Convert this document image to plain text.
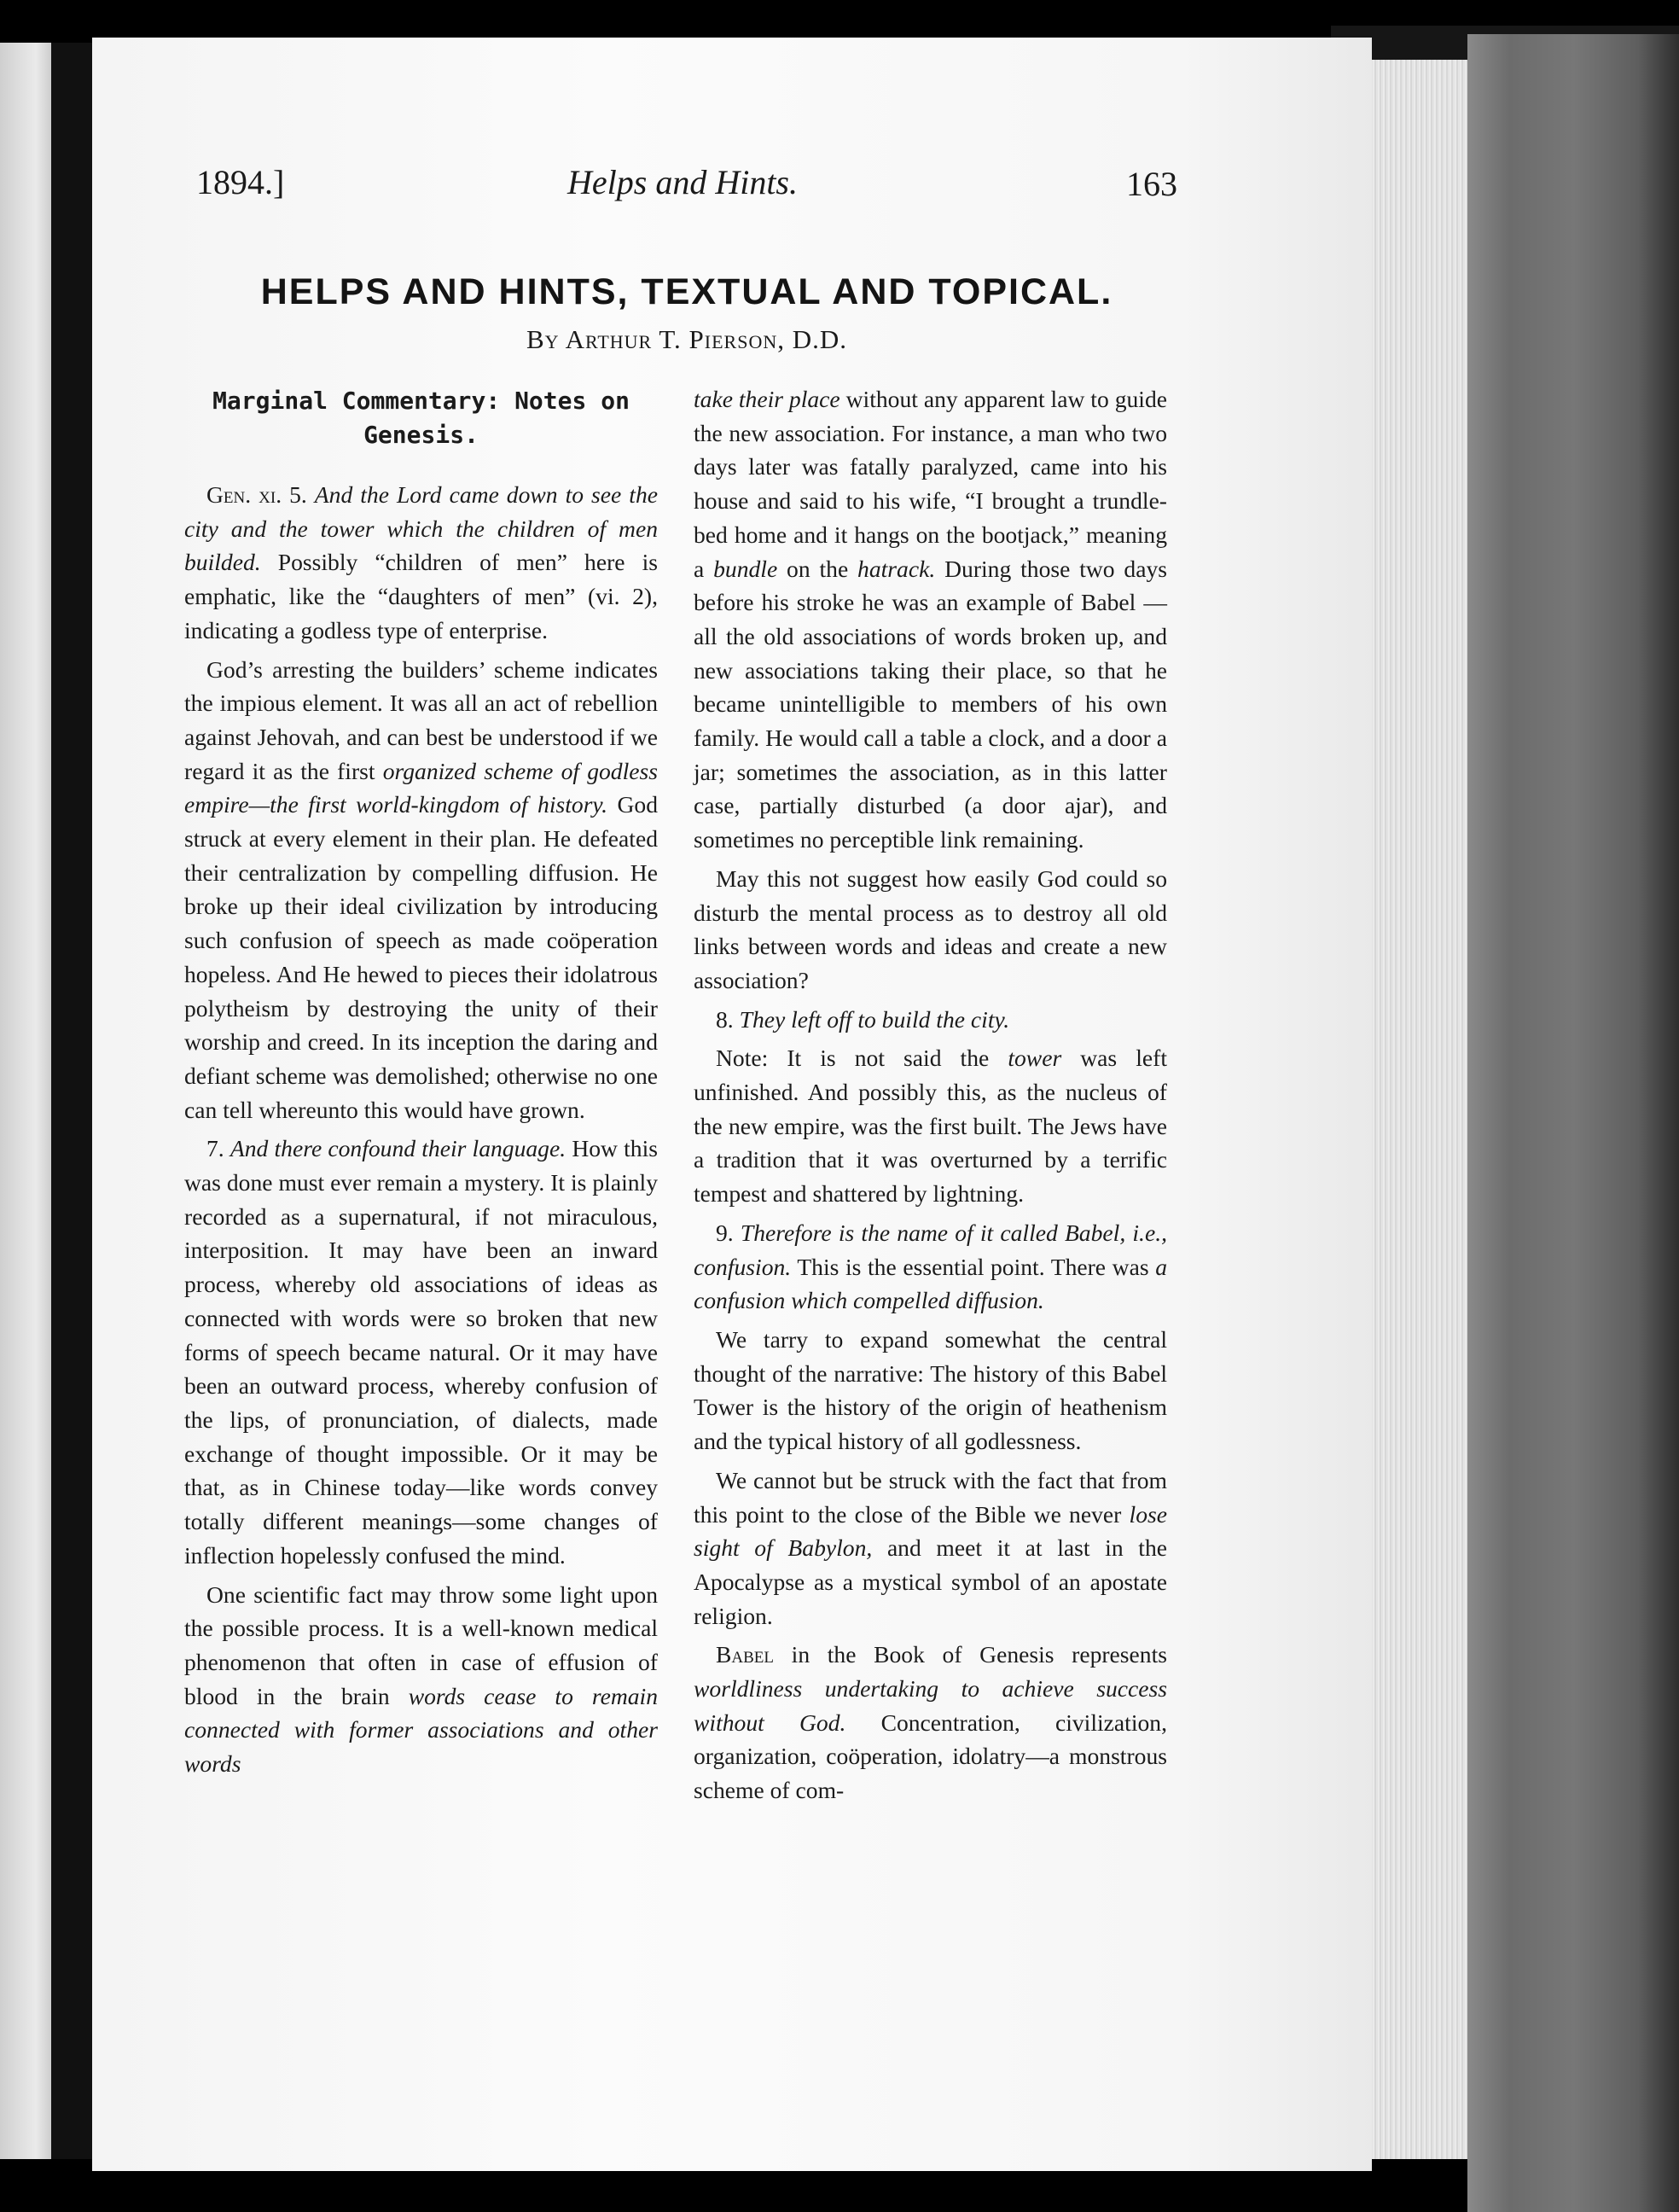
1894.]	Helps and Hints.	163
HELPS AND HINTS, TEXTUAL AND TOPICAL.
By Arthur T. Pierson, D.D.
Marginal Commentary: Notes on
Genesis.

Gen. xi. 5. And the Lord came down to see the city and the tower which the children of men builded. Possibly “children of men” here is emphatic, like the “daughters of men” (vi. 2), indicating a godless type of enterprise.

God’s arresting the builders’ scheme indicates the impious element. It was all an act of rebellion against Jehovah, and can best be understood if we regard it as the first organized scheme of godless empire—the first world-kingdom of history. God struck at every element in their plan. He defeated their centralization by compelling diffusion. He broke up their ideal civilization by introducing such confusion of speech as made coöperation hopeless. And He hewed to pieces their idolatrous polytheism by destroying the unity of their worship and creed. In its inception the daring and defiant scheme was demolished; otherwise no one can tell whereunto this would have grown.

7. And there confound their language. How this was done must ever remain a mystery. It is plainly recorded as a supernatural, if not miraculous, interposition. It may have been an inward process, whereby old associations of ideas as connected with words were so broken that new forms of speech became natural. Or it may have been an outward process, whereby confusion of the lips, of pronunciation, of dialects, made exchange of thought impossible. Or it may be that, as in Chinese today—like words convey totally different meanings—some changes of inflection hopelessly confused the mind.

One scientific fact may throw some light upon the possible process. It is a well-known medical phenomenon that often in case of effusion of blood in the brain words cease to remain connected with former associations and other words

take their place without any apparent law to guide the new association. For instance, a man who two days later was fatally paralyzed, came into his house and said to his wife, “I brought a trundle-bed home and it hangs on the bootjack,” meaning a bundle on the hatrack. During those two days before his stroke he was an example of Babel —all the old associations of words broken up, and new associations taking their place, so that he became unintelligible to members of his own family. He would call a table a clock, and a door a jar; sometimes the association, as in this latter case, partially disturbed (a door ajar), and sometimes no perceptible link remaining.

May this not suggest how easily God could so disturb the mental process as to destroy all old links between words and ideas and create a new association?

8. They left off to build the city.

Note: It is not said the tower was left unfinished. And possibly this, as the nucleus of the new empire, was the first built. The Jews have a tradition that it was overturned by a terrific tempest and shattered by lightning.

9. Therefore is the name of it called Babel, i.e., confusion. This is the essential point. There was a confusion which compelled diffusion.

We tarry to expand somewhat the central thought of the narrative: The history of this Babel Tower is the history of the origin of heathenism and the typical history of all godlessness.

We cannot but be struck with the fact that from this point to the close of the Bible we never lose sight of Babylon, and meet it at last in the Apocalypse as a mystical symbol of an apostate religion.

Babel in the Book of Genesis represents worldliness undertaking to achieve success without God. Concentration, civilization, organization, coöperation, idolatry—a monstrous scheme of com-
